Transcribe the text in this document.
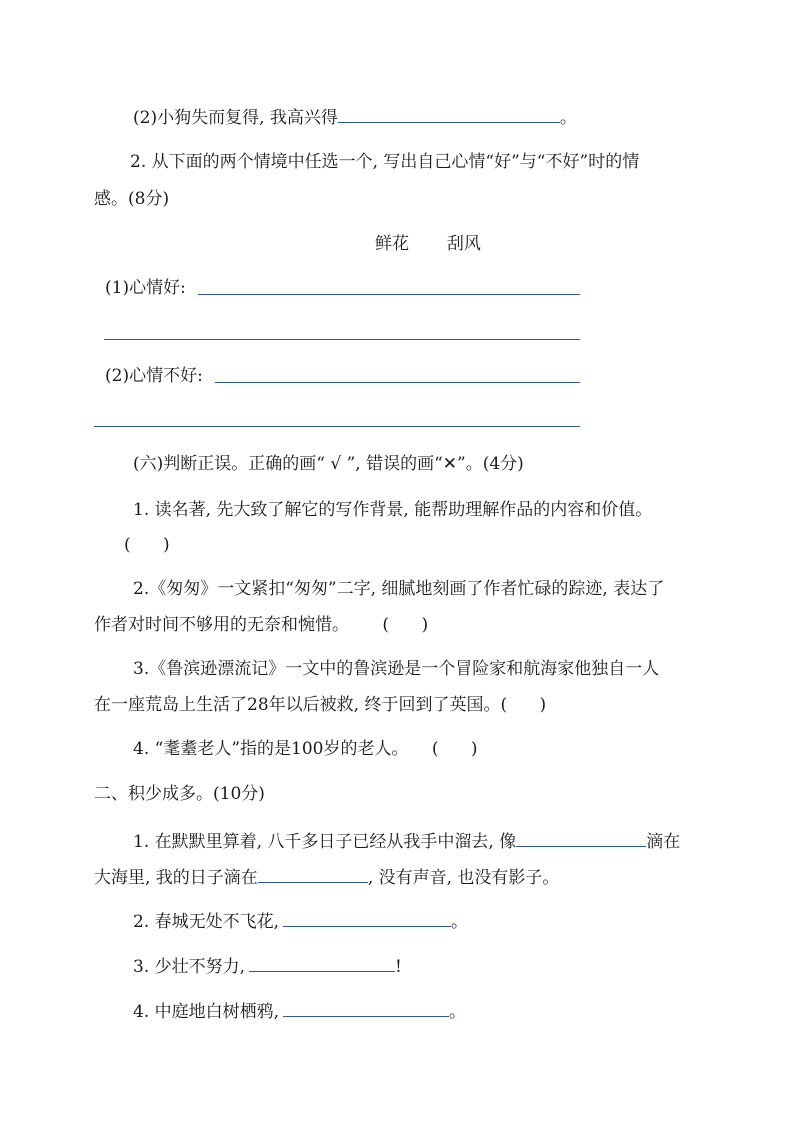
(2)小狗失而复得, 我高兴得	。
2. 从下面的两个情境中任选一个, 写出自己心情“好”与“不好”时的情
感。(8分)
鲜花       刮风
(1)心情好:
(2)心情不好:
(六)判断正误。正确的画“ √ ”, 错误的画“✕”。(4分)
1. 读名著, 先大致了解它的写作背景, 能帮助理解作品的内容和价值。
(      )
2.《匆匆》一文紧扣“匆匆”二字, 细腻地刻画了作者忙碌的踪迹, 表达了
作者对时间不够用的无奈和惋惜。 (      )
3.《鲁滨逊漂流记》一文中的鲁滨逊是一个冒险家和航海家他独自一人
在一座荒岛上生活了28年以后被救, 终于回到了英国。(      )
4. “耄耋老人”指的是100岁的老人。 (      )
二、积少成多。(10分)
1. 在默默里算着, 八千多日子已经从我手中溜去, 像	滴在
大海里, 我的日子滴在	, 没有声音, 也没有影子。
2. 春城无处不飞花,	。
3. 少壮不努力,	!
4. 中庭地白树栖鸦,	。
